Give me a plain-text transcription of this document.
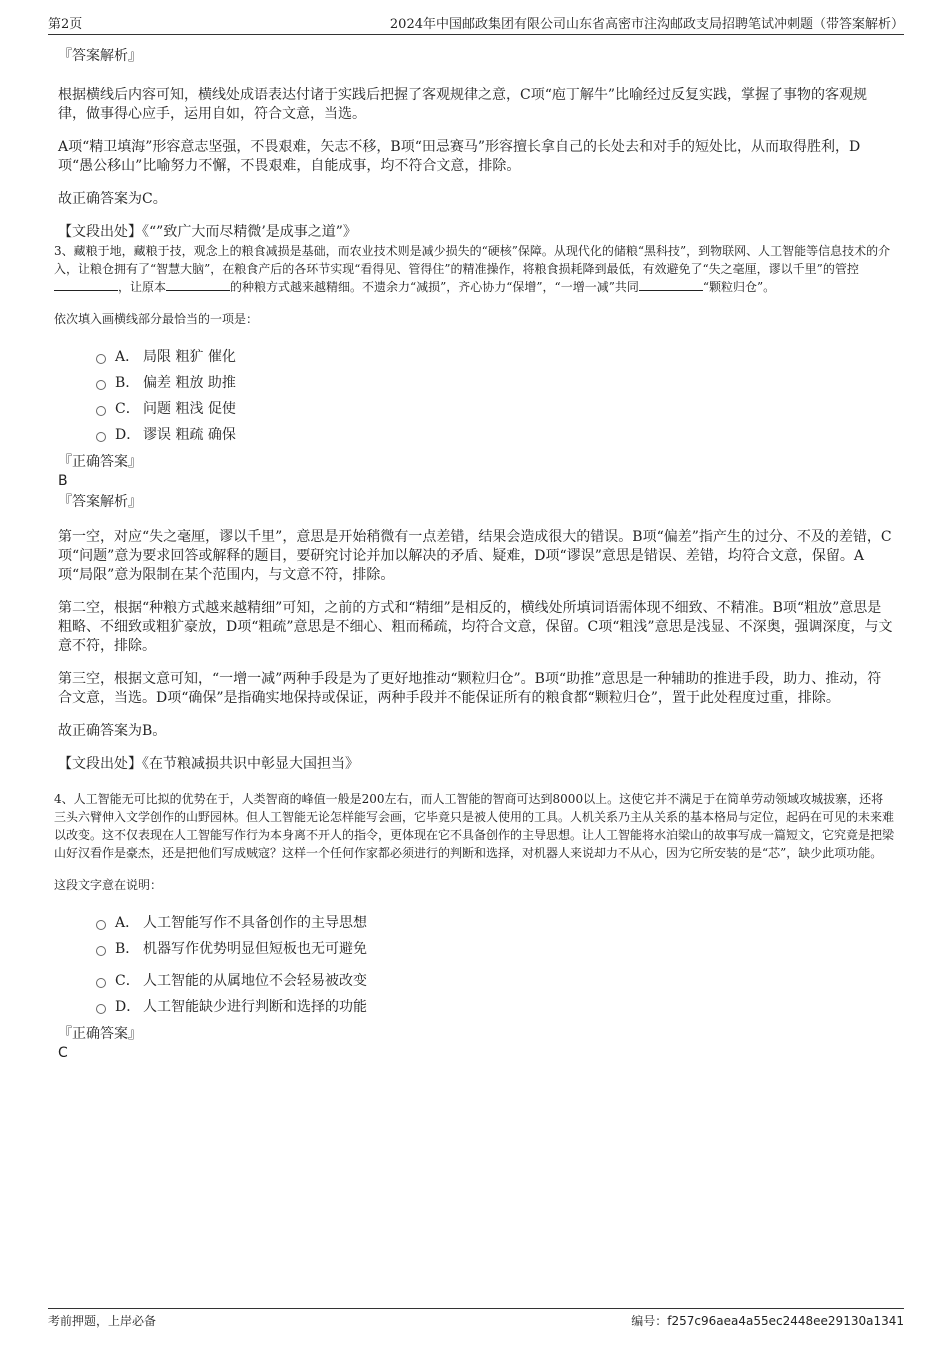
第2页	2024年中国邮政集团有限公司山东省高密市注沟邮政支局招聘笔试冲刺题（带答案解析）
『答案解析』

根据横线后内容可知，横线处成语表达付诸于实践后把握了客观规律之意，C项“庖丁解牛”比喻经过反复实践，掌握了事物的客观规律，做事得心应手，运用自如，符合文意，当选。

A项“精卫填海”形容意志坚强，不畏艰难，矢志不移，B项“田忌赛马”形容擅长拿自己的长处去和对手的短处比，从而取得胜利，D项“愚公移山”比喻努力不懈，不畏艰难，自能成事，均不符合文意，排除。

故正确答案为C。

【文段出处】《“”致广大而尽精微’是成事之道”》

3、藏粮于地，藏粮于技，观念上的粮食减损是基础，而农业技术则是减少损失的“硬核”保障。从现代化的储粮“黑科技”，到物联网、人工智能等信息技术的介入，让粮仓拥有了“智慧大脑”，在粮食产后的各环节实现“看得见、管得住”的精准操作，将粮食损耗降到最低，有效避免了“失之毫厘，谬以千里”的管控，让原本	的种粮方式越来越精细。不遗余力“减损”，齐心协力“保增”，“一增一减”共同	“颗粒归仓”。

依次填入画横线部分最恰当的一项是：

A． 局限 粗犷 催化
B. 偏差 粗放 助推
C． 问题 粗浅 促使
D． 谬误 粗疏 确保
『正确答案』
B
『答案解析』

第一空，对应“失之毫厘，谬以千里”，意思是开始稍微有一点差错，结果会造成很大的错误。B项“偏差”指产生的过分、不及的差错，C项“问题”意为要求回答或解释的题目，要研究讨论并加以解决的矛盾、疑难，D项“谬误”意思是错误、差错，均符合文意，保留。A项“局限”意为限制在某个范围内，与文意不符，排除。

第二空，根据“种粮方式越来越精细”可知，之前的方式和“精细”是相反的，横线处所填词语需体现不细致、不精准。B项“粗放”意思是粗略、不细致或粗犷豪放，D项“粗疏”意思是不细心、粗而稀疏，均符合文意，保留。C项“粗浅”意思是浅显、不深奥，强调深度，与文意不符，排除。

第三空，根据文意可知，“一增一减”两种手段是为了更好地推动“颗粒归仓”。B项“助推”意思是一种辅助的推进手段，助力、推动，符合文意，当选。D项“确保”是指确实地保持或保证，两种手段并不能保证所有的粮食都“颗粒归仓”，置于此处程度过重，排除。

故正确答案为B。

【文段出处】《在节粮减损共识中彰显大国担当》

4、人工智能无可比拟的优势在于，人类智商的峰值一般是200左右，而人工智能的智商可达到8000以上。这使它并不满足于在简单劳动领域攻城拔寨，还将三头六臂伸入文学创作的山野园林。但人工智能无论怎样能写会画，它毕竟只是被人使用的工具。人机关系乃主从关系的基本格局与定位，起码在可见的未来难以改变。这不仅表现在人工智能写作行为本身离不开人的指令，更体现在它不具备创作的主导思想。让人工智能将水泊梁山的故事写成一篇短文，它究竟是把梁山好汉看作是豪杰，还是把他们写成贼寇？这样一个任何作家都必须进行的判断和选择，对机器人来说却力不从心，因为它所安装的是“芯”，缺少此项功能。

这段文字意在说明：

A． 人工智能写作不具备创作的主导思想
B． 机器写作优势明显但短板也无可避免
C． 人工智能的从属地位不会轻易被改变
D． 人工智能缺少进行判断和选择的功能
『正确答案』
C
考前押题，上岸必备	编号：f257c96aea4a55ec2448ee29130a1341
